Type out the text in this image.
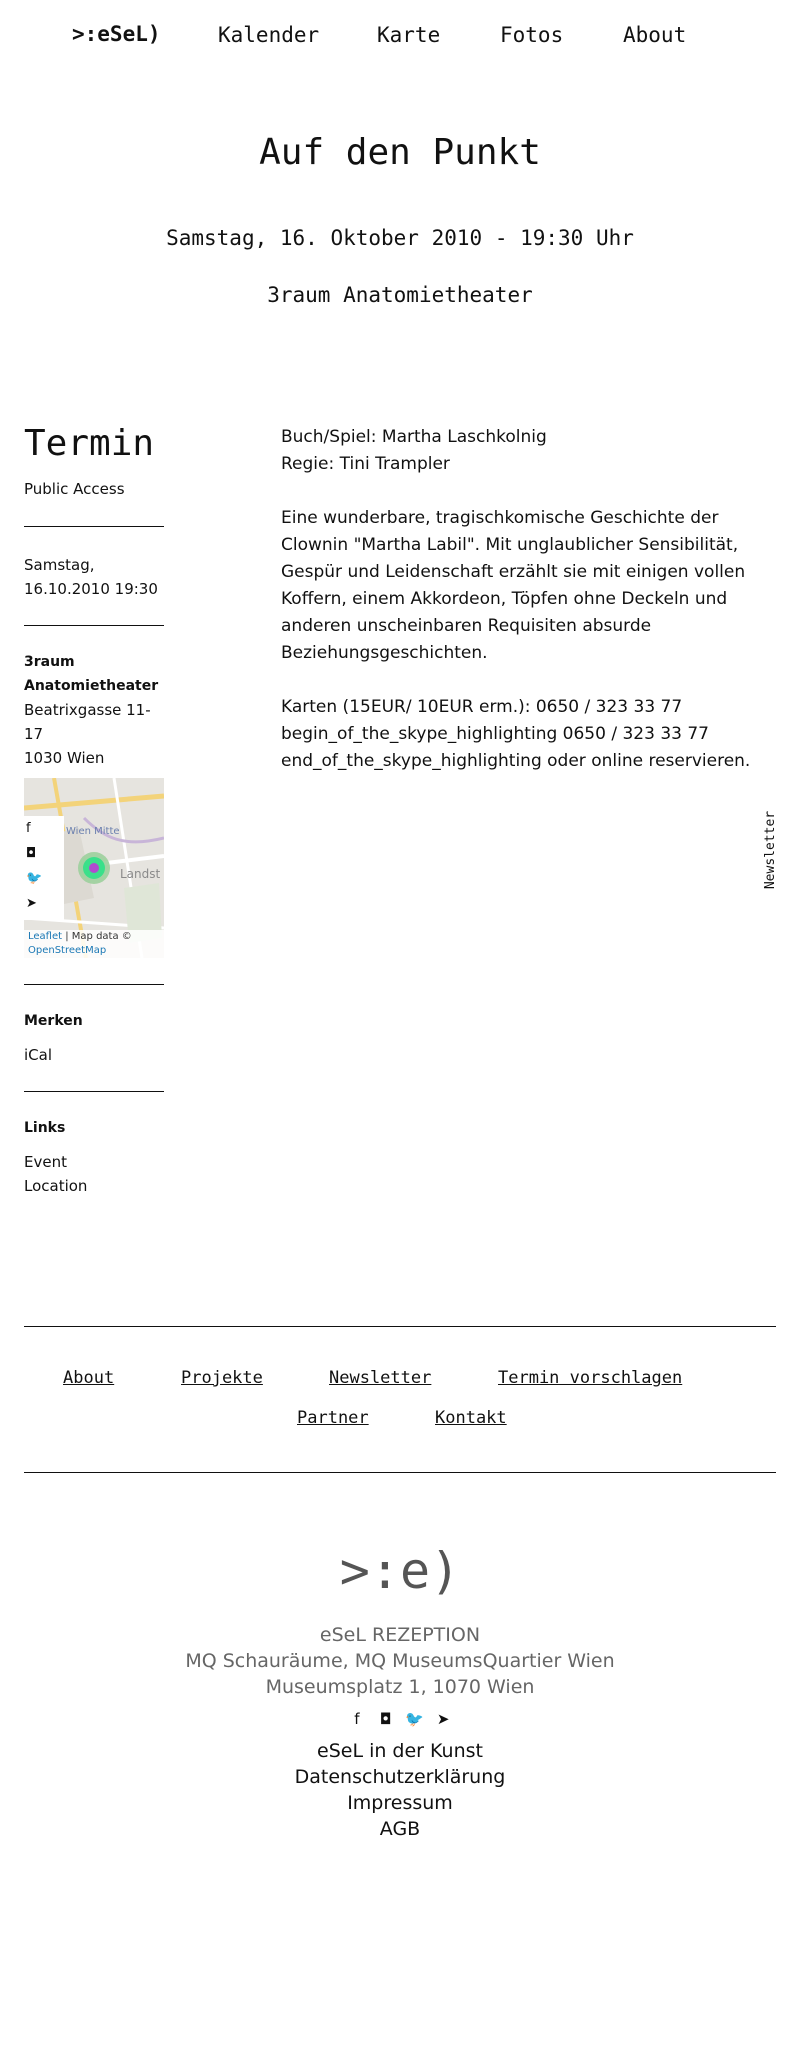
>:eSeL)	Kalender	Karte	Fotos	About
Auf den Punkt
Samstag, 16. Oktober 2010 - 19:30 Uhr
3raum Anatomietheater
Termin
Public Access
Samstag,
16.10.2010 19:30
3raum
Anatomietheater
Beatrixgasse 11-17
1030 Wien
Wien Mitte
Landst
f
◘
🐦
➤
Leaflet | Map data ©
OpenStreetMap
Merken
iCal
Links
Event
Location

Buch/Spiel: Martha Laschkolnig
Regie: Tini Trampler

Eine wunderbare, tragischkomische Geschichte der Clownin "Martha Labil". Mit unglaublicher Sensibilität, Gespür und Leidenschaft erzählt sie mit einigen vollen Koffern, einem Akkordeon, Töpfen ohne Deckeln und anderen unscheinbaren Requisiten absurde Beziehungsgeschichten.

Karten (15EUR/ 10EUR erm.): 0650 / 323 33 77 begin_of_the_skype_highlighting 0650 / 323 33 77 end_of_the_skype_highlighting oder online reservieren.

Newsletter
About	Projekte	Newsletter	Termin vorschlagen
Partner	Kontakt
>:e)
eSeL REZEPTION
MQ Schauräume, MQ MuseumsQuartier Wien
Museumsplatz 1, 1070 Wien
f ◘ 🐦 ➤
eSeL in der Kunst
Datenschutzerklärung
Impressum
AGB
